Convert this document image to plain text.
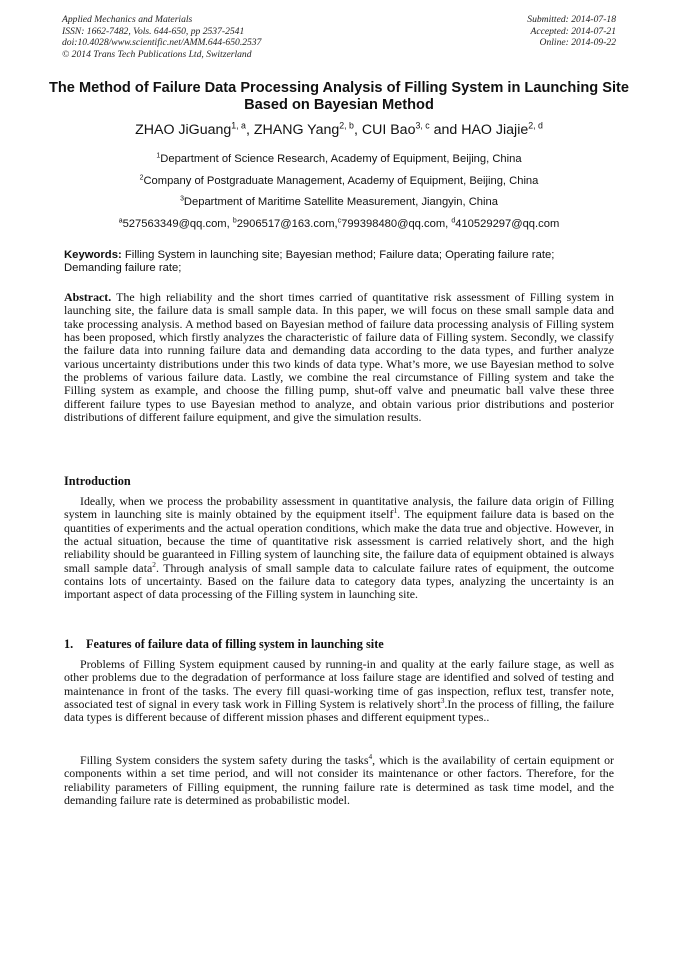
Applied Mechanics and Materials
ISSN: 1662-7482, Vols. 644-650, pp 2537-2541
doi:10.4028/www.scientific.net/AMM.644-650.2537
© 2014 Trans Tech Publications Ltd, Switzerland
Submitted: 2014-07-18
Accepted: 2014-07-21
Online: 2014-09-22
The Method of Failure Data Processing Analysis of Filling System in Launching Site Based on Bayesian Method
ZHAO JiGuang$^{1, a}$, ZHANG Yang$^{2, b}$, CUI Bao$^{3, c}$ and HAO Jiajie$^{2, d}$
$^1$Department of Science Research, Academy of Equipment, Beijing, China
$^2$Company of Postgraduate Management, Academy of Equipment, Beijing, China
$^3$Department of Maritime Satellite Measurement, Jiangyin, China
$^a$527563349@qq.com, $^b$2906517@163.com,$^c$799398480@qq.com, $^d$410529297@qq.com
Keywords: Filling System in launching site; Bayesian method; Failure data; Operating failure rate; Demanding failure rate;

Abstract. The high reliability and the short times carried of quantitative risk assessment of Filling system in launching site, the failure data is small sample data. In this paper, we will focus on these small sample data and take processing analysis. A method based on Bayesian method of failure data processing analysis of Filling system has been proposed, which firstly analyzes the characteristic of failure data of Filling system. Secondly, we classify the failure data into running failure data and demanding data according to the data types, and further analyze various uncertainty distributions under this two kinds of data type. What’s more, we use Bayesian method to solve the problems of various failure data. Lastly, we combine the real circumstance of Filling system and take the Filling system as example, and choose the filling pump, shut-off valve and pneumatic ball valve these three different failure types to use Bayesian method to analyze, and obtain various prior distributions and posterior distributions of different failure equipment, and give the simulation results.

Introduction

Ideally, when we process the probability assessment in quantitative analysis, the failure data origin of Filling system in launching site is mainly obtained by the equipment itself$^1$. The equipment failure data is based on the quantities of experiments and the actual operation conditions, which make the data true and objective. However, in the actual situation, because the time of quantitative risk assessment is carried relatively short, and the high reliability should be guaranteed in Filling system of launching site, the failure data of equipment obtained is always small sample data$^2$. Through analysis of small sample data to calculate failure rates of equipment, the outcome contains lots of uncertainty. Based on the failure data to category data types, analyzing the uncertainty is an important aspect of data processing of the Filling system in launching site.

1. Features of failure data of filling system in launching site

Problems of Filling System equipment caused by running-in and quality at the early failure stage, as well as other problems due to the degradation of performance at loss failure stage are identified and solved of testing and maintenance in front of the tasks. The every fill quasi-working time of gas inspection, reflux test, transfer note, associated test of signal in every task work in Filling System is relatively short$^3$.In the process of filling, the failure data types is different because of different mission phases and different equipment types..

Filling System considers the system safety during the tasks$^4$, which is the availability of certain equipment or components within a set time period, and will not consider its maintenance or other factors. Therefore, for the reliability parameters of Filling equipment, the running failure rate is determined as task time model, and the demanding failure rate is determined as probabilistic model.
